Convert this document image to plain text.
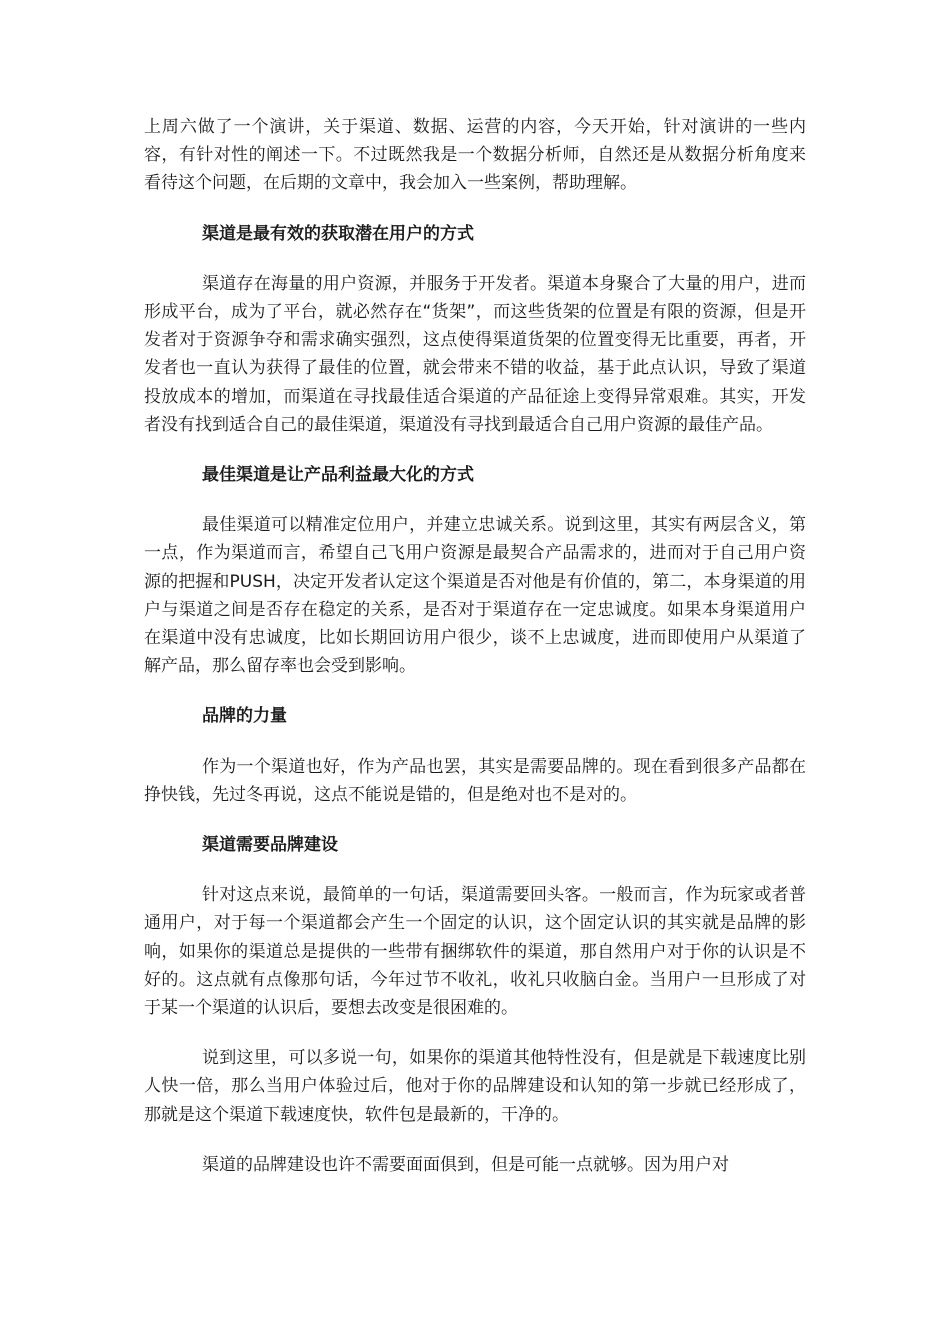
上周六做了一个演讲，关于渠道、数据、运营的内容，今天开始，针对演讲的一些内容，有针对性的阐述一下。不过既然我是一个数据分析师，自然还是从数据分析角度来看待这个问题，在后期的文章中，我会加入一些案例，帮助理解。

渠道是最有效的获取潜在用户的方式

渠道存在海量的用户资源，并服务于开发者。渠道本身聚合了大量的用户，进而形成平台，成为了平台，就必然存在“货架”，而这些货架的位置是有限的资源，但是开发者对于资源争夺和需求确实强烈，这点使得渠道货架的位置变得无比重要，再者，开发者也一直认为获得了最佳的位置，就会带来不错的收益，基于此点认识，导致了渠道投放成本的增加，而渠道在寻找最佳适合渠道的产品征途上变得异常艰难。其实，开发者没有找到适合自己的最佳渠道，渠道没有寻找到最适合自己用户资源的最佳产品。

最佳渠道是让产品利益最大化的方式

最佳渠道可以精准定位用户，并建立忠诚关系。说到这里，其实有两层含义，第一点，作为渠道而言，希望自己飞用户资源是最契合产品需求的，进而对于自己用户资源的把握和PUSH，决定开发者认定这个渠道是否对他是有价值的，第二，本身渠道的用户与渠道之间是否存在稳定的关系，是否对于渠道存在一定忠诚度。如果本身渠道用户在渠道中没有忠诚度，比如长期回访用户很少，谈不上忠诚度，进而即使用户从渠道了解产品，那么留存率也会受到影响。

品牌的力量

作为一个渠道也好，作为产品也罢，其实是需要品牌的。现在看到很多产品都在挣快钱，先过冬再说，这点不能说是错的，但是绝对也不是对的。

渠道需要品牌建设

针对这点来说，最简单的一句话，渠道需要回头客。一般而言，作为玩家或者普通用户，对于每一个渠道都会产生一个固定的认识，这个固定认识的其实就是品牌的影响，如果你的渠道总是提供的一些带有捆绑软件的渠道，那自然用户对于你的认识是不好的。这点就有点像那句话，今年过节不收礼，收礼只收脑白金。当用户一旦形成了对于某一个渠道的认识后，要想去改变是很困难的。

说到这里，可以多说一句，如果你的渠道其他特性没有，但是就是下载速度比别人快一倍，那么当用户体验过后，他对于你的品牌建设和认知的第一步就已经形成了，那就是这个渠道下载速度快，软件包是最新的，干净的。

渠道的品牌建设也许不需要面面俱到，但是可能一点就够。因为用户对
